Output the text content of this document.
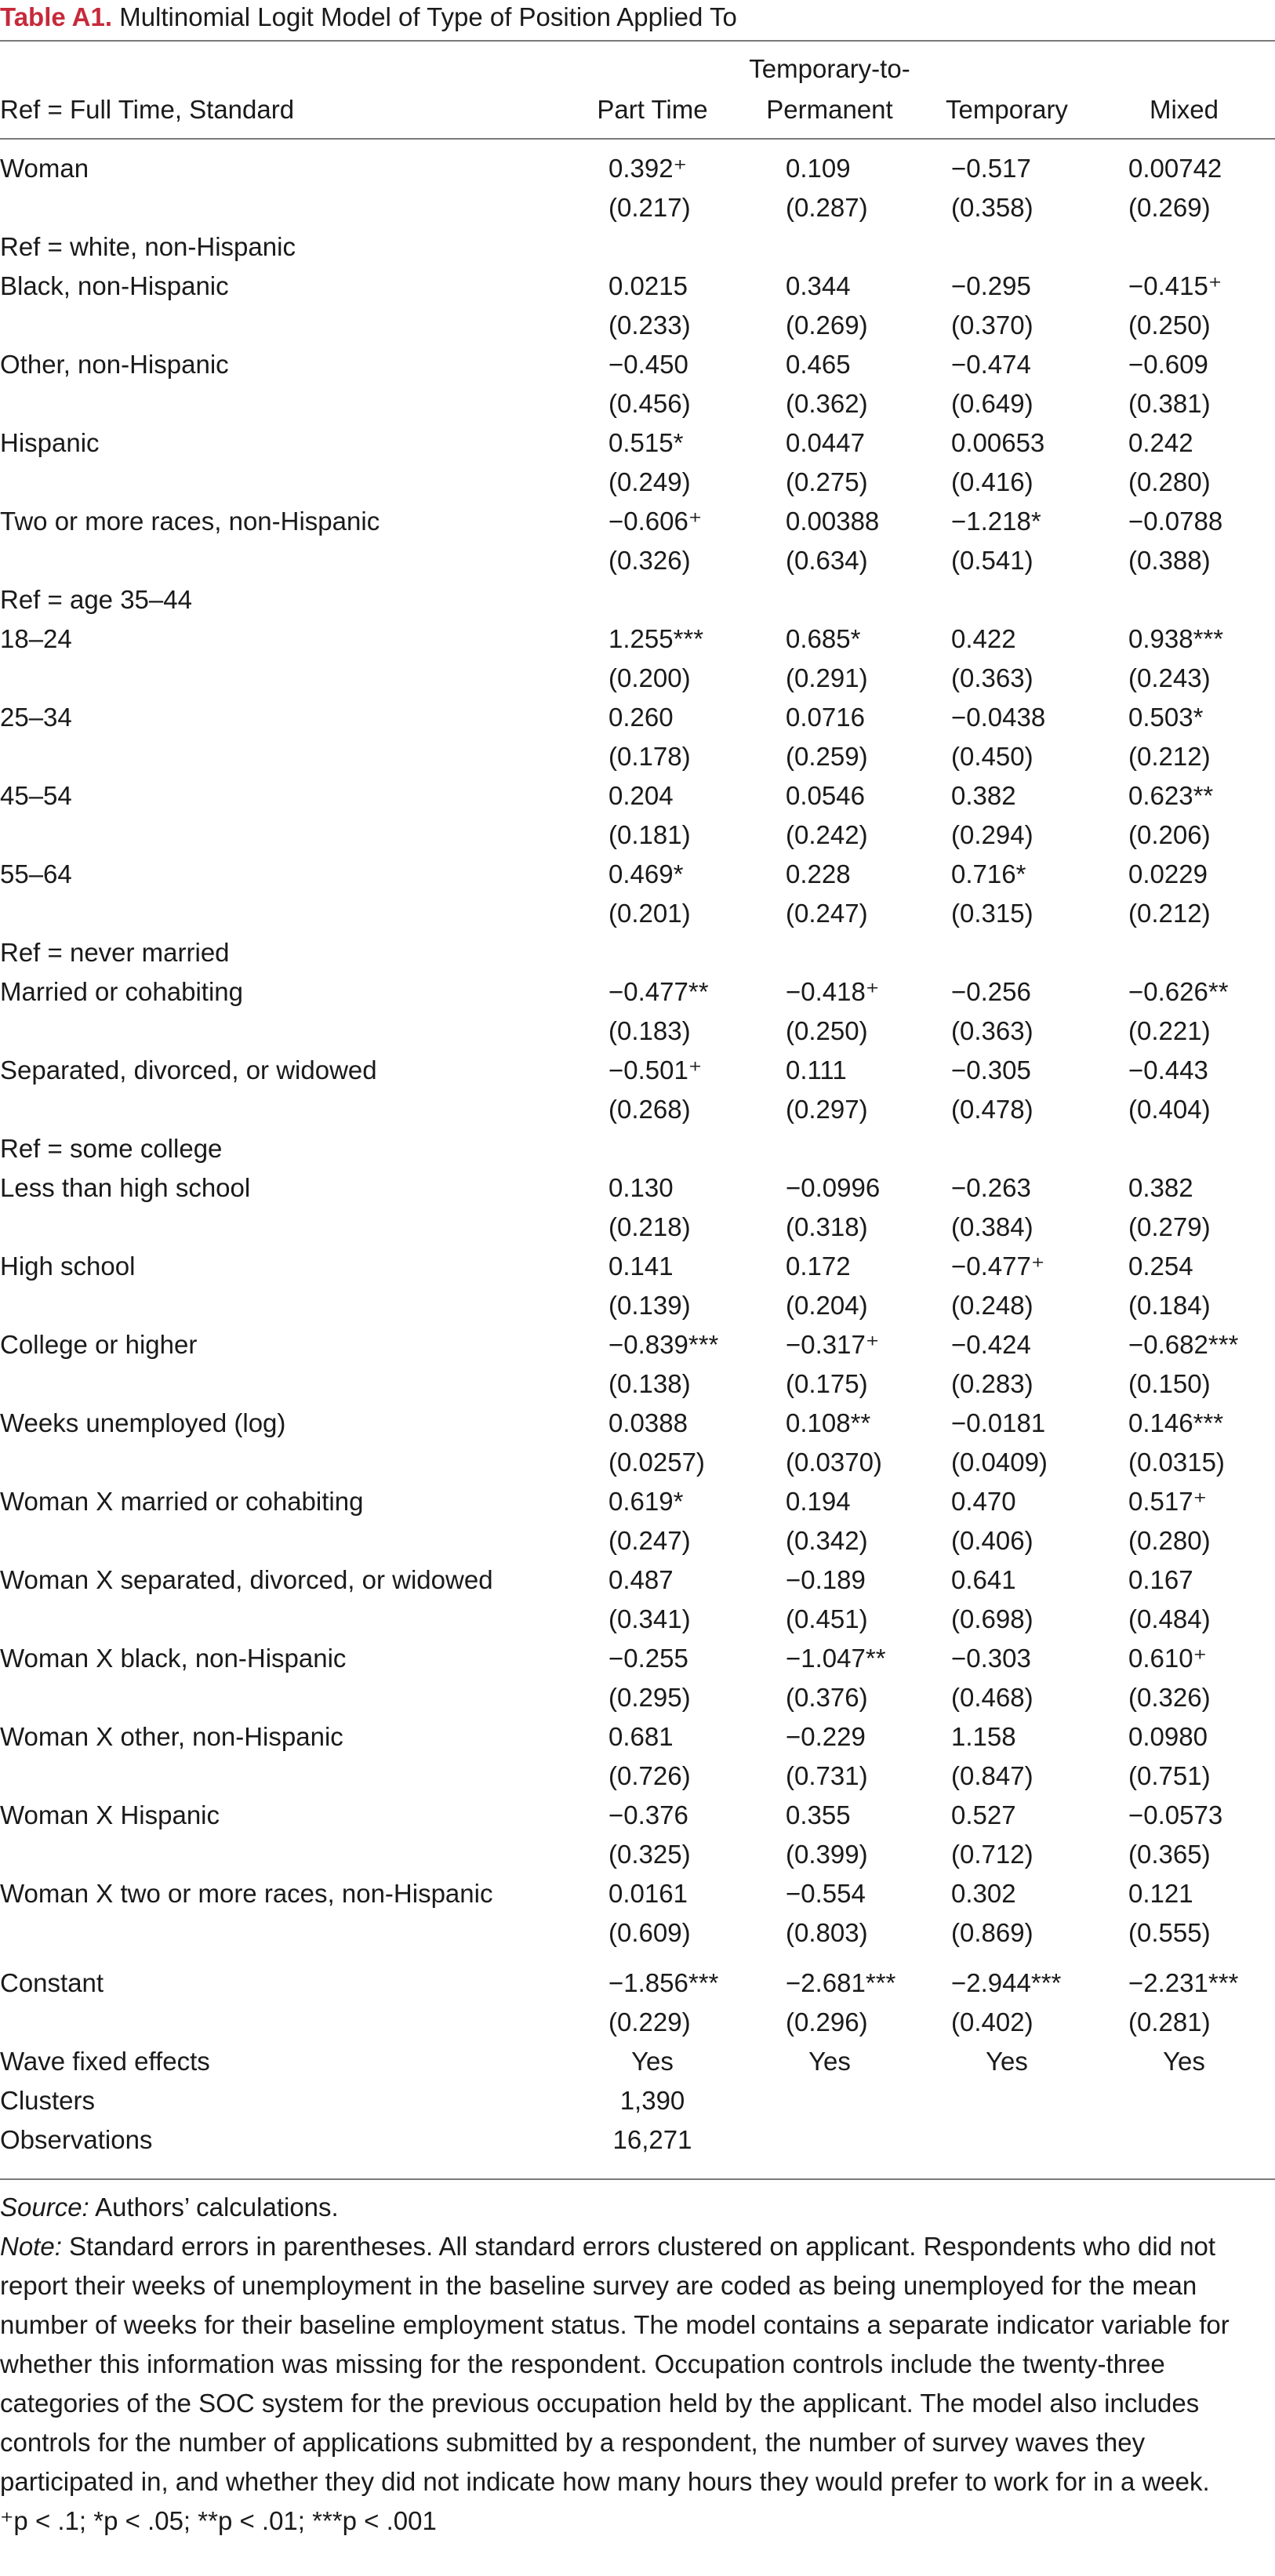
Table A1. Multinomial Logit Model of Type of Position Applied To
Ref = Full Time, Standard	Part Time
Temporary-to-
Permanent	Temporary	Mixed
Woman	0.392⁺	0.109	−0.517	0.00742
(0.217)	(0.287)	(0.358)	(0.269)
Ref = white, non-Hispanic
Black, non-Hispanic	0.0215	0.344	−0.295	−0.415⁺
(0.233)	(0.269)	(0.370)	(0.250)
Other, non-Hispanic	−0.450	0.465	−0.474	−0.609
(0.456)	(0.362)	(0.649)	(0.381)
Hispanic	0.515*	0.0447	0.00653	0.242
(0.249)	(0.275)	(0.416)	(0.280)
Two or more races, non-Hispanic	−0.606⁺	0.00388	−1.218*	−0.0788
(0.326)	(0.634)	(0.541)	(0.388)
Ref = age 35–44
18–24	1.255***	0.685*	0.422	0.938***
(0.200)	(0.291)	(0.363)	(0.243)
25–34	0.260	0.0716	−0.0438	0.503*
(0.178)	(0.259)	(0.450)	(0.212)
45–54	0.204	0.0546	0.382	0.623**
(0.181)	(0.242)	(0.294)	(0.206)
55–64	0.469*	0.228	0.716*	0.0229
(0.201)	(0.247)	(0.315)	(0.212)
Ref = never married
Married or cohabiting	−0.477**	−0.418⁺	−0.256	−0.626**
(0.183)	(0.250)	(0.363)	(0.221)
Separated, divorced, or widowed	−0.501⁺	0.111	−0.305	−0.443
(0.268)	(0.297)	(0.478)	(0.404)
Ref = some college
Less than high school	0.130	−0.0996	−0.263	0.382
(0.218)	(0.318)	(0.384)	(0.279)
High school	0.141	0.172	−0.477⁺	0.254
(0.139)	(0.204)	(0.248)	(0.184)
College or higher	−0.839***	−0.317⁺	−0.424	−0.682***
(0.138)	(0.175)	(0.283)	(0.150)
Weeks unemployed (log)	0.0388	0.108**	−0.0181	0.146***
(0.0257)	(0.0370)	(0.0409)	(0.0315)
Woman X married or cohabiting	0.619*	0.194	0.470	0.517⁺
(0.247)	(0.342)	(0.406)	(0.280)
Woman X separated, divorced, or widowed	0.487	−0.189	0.641	0.167
(0.341)	(0.451)	(0.698)	(0.484)
Woman X black, non-Hispanic	−0.255	−1.047**	−0.303	0.610⁺
(0.295)	(0.376)	(0.468)	(0.326)
Woman X other, non-Hispanic	0.681	−0.229	1.158	0.0980
(0.726)	(0.731)	(0.847)	(0.751)
Woman X Hispanic	−0.376	0.355	0.527	−0.0573
(0.325)	(0.399)	(0.712)	(0.365)
Woman X two or more races, non-Hispanic	0.0161	−0.554	0.302	0.121
(0.609)	(0.803)	(0.869)	(0.555)
Constant	−1.856***	−2.681*** −2.944***	−2.231***
(0.229)	(0.296)	(0.402)	(0.281)
Wave fixed effects	Yes	Yes	Yes	Yes
Clusters	1,390
Observations	16,271

Source: Authors’ calculations.

Note: Standard errors in parentheses. All standard errors clustered on applicant. Respondents who did not report their weeks of unemployment in the baseline survey are coded as being unemployed for the mean number of weeks for their baseline employment status. The model contains a separate indicator variable for whether this information was missing for the respondent. Occupation controls include the twenty-three categories of the SOC system for the previous occupation held by the applicant. The model also includes controls for the number of applications submitted by a respondent, the number of survey waves they participated in, and whether they did not indicate how many hours they would prefer to work for in a week.

⁺p < .1; *p < .05; **p < .01; ***p < .001
